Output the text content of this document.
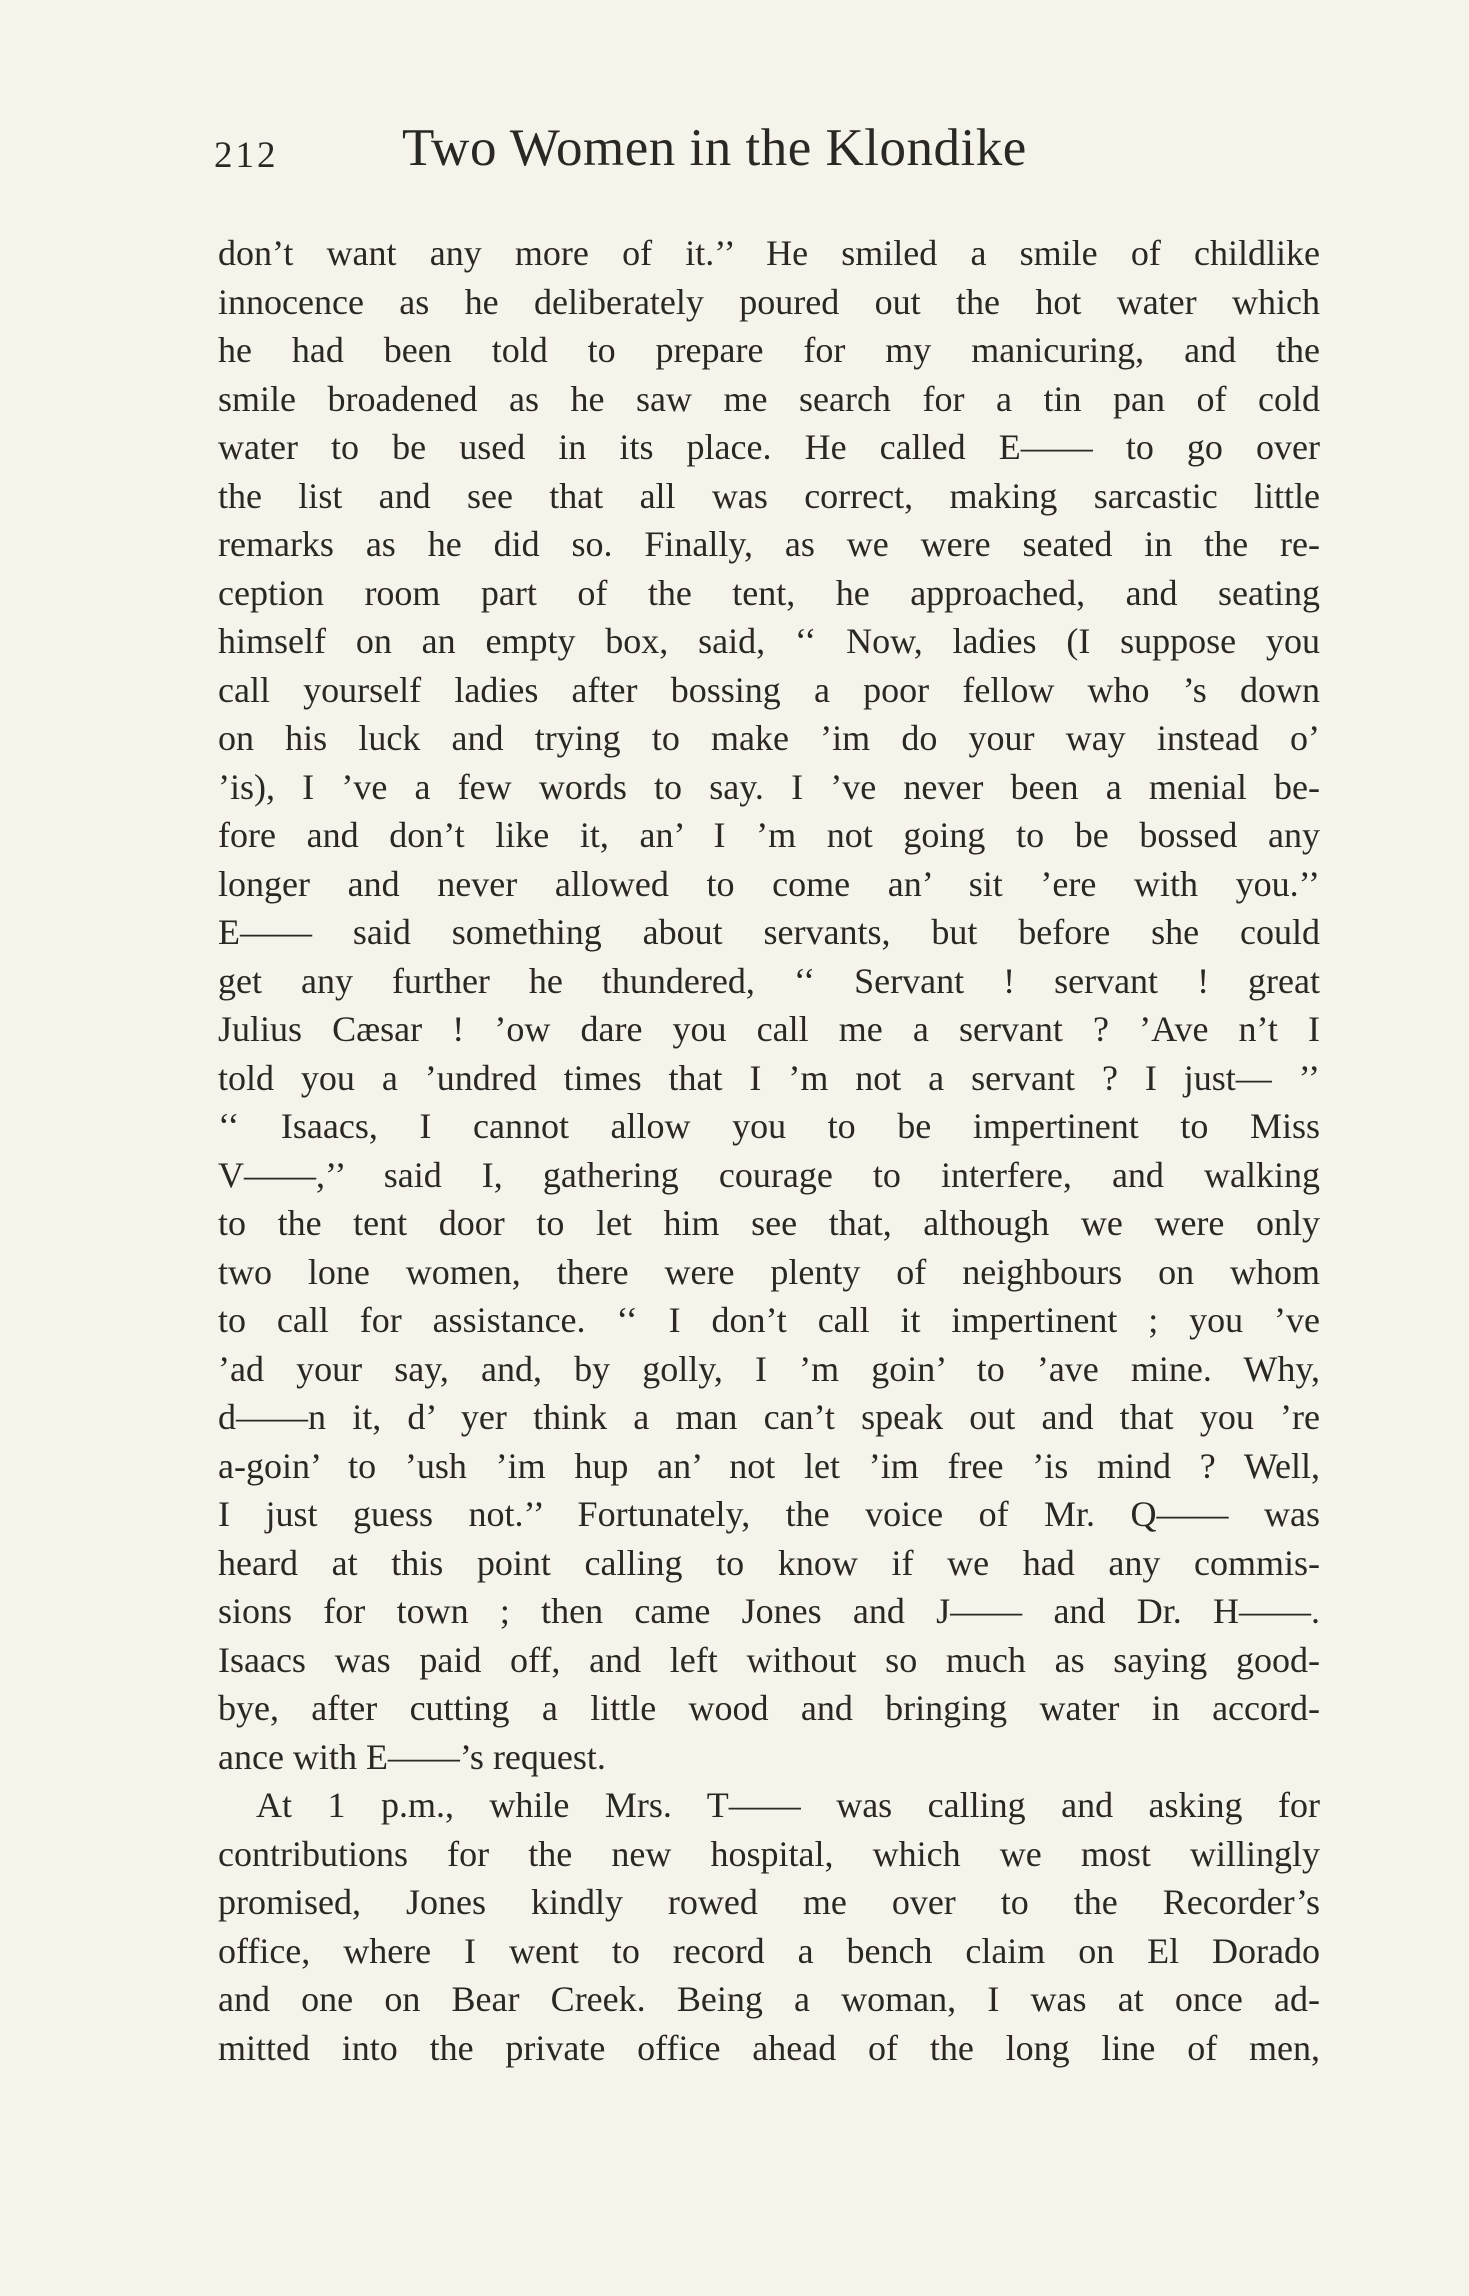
212 Two Women in the Klondike
don’t want any more of it.’’ He smiled a smile of childlike
innocence as he deliberately poured out the hot water which
he had been told to prepare for my manicuring, and the
smile broadened as he saw me search for a tin pan of cold
water to be used in its place. He called E—— to go over
the list and see that all was correct, making sarcastic little
remarks as he did so. Finally, as we were seated in the re-
ception room part of the tent, he approached, and seating
himself on an empty box, said, ‘‘ Now, ladies (I suppose you
call yourself ladies after bossing a poor fellow who ’s down
on his luck and trying to make ’im do your way instead o’
’is), I ’ve a few words to say. I ’ve never been a menial be-
fore and don’t like it, an’ I ’m not going to be bossed any
longer and never allowed to come an’ sit ’ere with you.’’
E—— said something about servants, but before she could
get any further he thundered, ‘‘ Servant ! servant ! great
Julius Cæsar ! ’ow dare you call me a servant ? ’Ave n’t I
told you a ’undred times that I ’m not a servant ? I just— ’’
‘‘ Isaacs, I cannot allow you to be impertinent to Miss
V——,’’ said I, gathering courage to interfere, and walking
to the tent door to let him see that, although we were only
two lone women, there were plenty of neighbours on whom
to call for assistance. ‘‘ I don’t call it impertinent ; you ’ve
’ad your say, and, by golly, I ’m goin’ to ’ave mine. Why,
d——n it, d’ yer think a man can’t speak out and that you ’re
a-goin’ to ’ush ’im hup an’ not let ’im free ’is mind ? Well,
I just guess not.’’ Fortunately, the voice of Mr. Q—— was
heard at this point calling to know if we had any commis-
sions for town ; then came Jones and J—— and Dr. H——.
Isaacs was paid off, and left without so much as saying good-
bye, after cutting a little wood and bringing water in accord-
ance with E——’s request.
At 1 p.m., while Mrs. T—— was calling and asking for
contributions for the new hospital, which we most willingly
promised, Jones kindly rowed me over to the Recorder’s
office, where I went to record a bench claim on El Dorado
and one on Bear Creek. Being a woman, I was at once ad-
mitted into the private office ahead of the long line of men,
